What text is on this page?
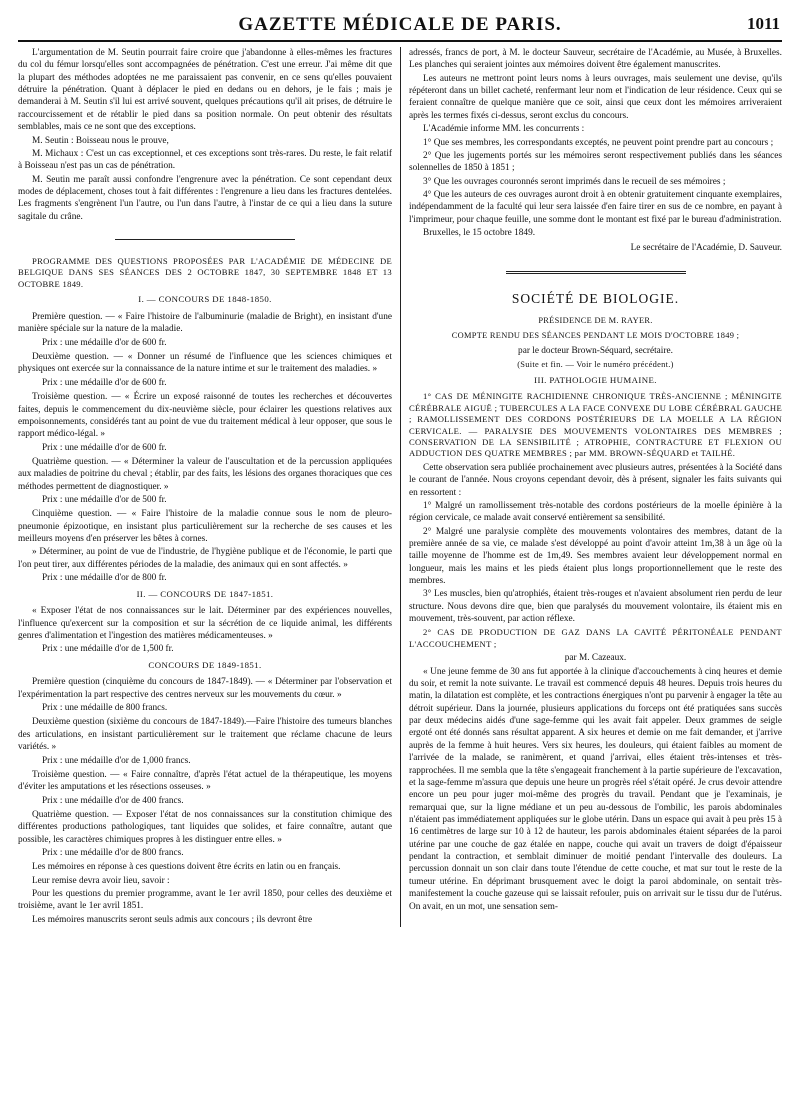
GAZETTE MÉDICALE DE PARIS.	1011

L'argumentation de M. Seutin pourrait faire croire que j'abandonne à elles-mêmes les fractures du col du fémur lorsqu'elles sont accompagnées de pénétration. C'est une erreur. J'ai même dit que la plupart des méthodes adoptées ne me paraissaient pas convenir, en ce sens qu'elles pouvaient détruire la pénétration. Quant à déplacer le pied en dedans ou en dehors, je le fais ; mais je demanderai à M. Seutin s'il lui est arrivé souvent, quelques précautions qu'il ait prises, de détruire le raccourcissement et de rétablir le pied dans sa position normale. On peut obtenir des résultats semblables, mais ce ne sont que des exceptions.

M. Seutin : Boisseau nous le prouve,

M. Michaux : C'est un cas exceptionnel, et ces exceptions sont très-rares. Du reste, le fait relatif à Boisseau n'est pas un cas de pénétration.

M. Seutin me paraît aussi confondre l'engrenure avec la pénétration. Ce sont cependant deux modes de déplacement, choses tout à fait différentes : l'engrenure a lieu dans les fractures dentelées. Les fragments s'engrènent l'un l'autre, ou l'un dans l'autre, à l'instar de ce qui a lieu dans la suture sagitale du crâne.

PROGRAMME DES QUESTIONS PROPOSÉES PAR L'ACADÉMIE DE MÉDECINE DE BELGIQUE DANS SES SÉANCES DES 2 OCTOBRE 1847, 30 SEPTEMBRE 1848 ET 13 OCTOBRE 1849.

I. — CONCOURS DE 1848-1850.

Première question. — « Faire l'histoire de l'albuminurie (maladie de Bright), en insistant d'une manière spéciale sur la nature de la maladie.

Prix : une médaille d'or de 600 fr.

Deuxième question. — « Donner un résumé de l'influence que les sciences chimiques et physiques ont exercée sur la connaissance de la nature intime et sur le traitement des maladies. »

Prix : une médaille d'or de 600 fr.

Troisième question. — « Écrire un exposé raisonné de toutes les recherches et découvertes faites, depuis le commencement du dix-neuvième siècle, pour éclairer les questions relatives aux empoisonnements, considérés tant au point de vue du traitement médical à leur opposer, que sous le rapport médico-légal. »

Prix : une médaille d'or de 600 fr.

Quatrième question. — « Déterminer la valeur de l'auscultation et de la percussion appliquées aux maladies de poitrine du cheval ; établir, par des faits, les lésions des organes thoraciques que ces méthodes permettent de diagnostiquer. »

Prix : une médaille d'or de 500 fr.

Cinquième question. — « Faire l'histoire de la maladie connue sous le nom de pleuro-pneumonie épizootique, en insistant plus particulièrement sur la recherche de ses causes et les meilleurs moyens d'en préserver les bêtes à cornes.

» Déterminer, au point de vue de l'industrie, de l'hygiène publique et de l'économie, le parti que l'on peut tirer, aux différentes périodes de la maladie, des animaux qui en sont affectés. »

Prix : une médaille d'or de 800 fr.

II. — CONCOURS DE 1847-1851.

« Exposer l'état de nos connaissances sur le lait. Déterminer par des expériences nouvelles, l'influence qu'exercent sur la composition et sur la sécrétion de ce liquide animal, les différents genres d'alimentation et l'ingestion des matières médicamenteuses. »

Prix : une médaille d'or de 1,500 fr.

CONCOURS DE 1849-1851.

Première question (cinquième du concours de 1847-1849). — « Déterminer par l'observation et l'expérimentation la part respective des centres nerveux sur les mouvements du cœur. »

Prix : une médaille de 800 francs.

Deuxième question (sixième du concours de 1847-1849).—Faire l'histoire des tumeurs blanches des articulations, en insistant particulièrement sur le traitement que réclame chacune de leurs variétés. »

Prix : une médaille d'or de 1,000 francs.

Troisième question. — « Faire connaître, d'après l'état actuel de la thérapeutique, les moyens d'éviter les amputations et les résections osseuses. »

Prix : une médaille d'or de 400 francs.

Quatrième question. — Exposer l'état de nos connaissances sur la constitution chimique des différentes productions pathologiques, tant liquides que solides, et faire connaître, autant que possible, les caractères chimiques propres à les distinguer entre elles. »

Prix : une médaille d'or de 800 francs.

Les mémoires en réponse à ces questions doivent être écrits en latin ou en français.

Leur remise devra avoir lieu, savoir :

Pour les questions du premier programme, avant le 1er avril 1850, pour celles des deuxième et troisième, avant le 1er avril 1851.

Les mémoires manuscrits seront seuls admis aux concours ; ils devront être

adressés, francs de port, à M. le docteur Sauveur, secrétaire de l'Académie, au Musée, à Bruxelles. Les planches qui seraient jointes aux mémoires doivent être également manuscrites.

Les auteurs ne mettront point leurs noms à leurs ouvrages, mais seulement une devise, qu'ils répéteront dans un billet cacheté, renfermant leur nom et l'indication de leur résidence. Ceux qui se feraient connaître de quelque manière que ce soit, ainsi que ceux dont les mémoires arriveraient après les termes fixés ci-dessus, seront exclus du concours.

L'Académie informe MM. les concurrents :

1° Que ses membres, les correspondants exceptés, ne peuvent point prendre part au concours ;

2° Que les jugements portés sur les mémoires seront respectivement publiés dans les séances solennelles de 1850 à 1851 ;

3° Que les ouvrages couronnés seront imprimés dans le recueil de ses mémoires ;

4° Que les auteurs de ces ouvrages auront droit à en obtenir gratuitement cinquante exemplaires, indépendamment de la faculté qui leur sera laissée d'en faire tirer en sus de ce nombre, en payant à l'imprimeur, pour chaque feuille, une somme dont le montant est fixé par le bureau d'administration.

Bruxelles, le 15 octobre 1849.

Le secrétaire de l'Académie, D. Sauveur.

SOCIÉTÉ DE BIOLOGIE.

PRÉSIDENCE DE M. RAYER.

COMPTE RENDU DES SÉANCES PENDANT LE MOIS D'OCTOBRE 1849 ;

par le docteur Brown-Séquard, secrétaire.

(Suite et fin. — Voir le numéro précédent.)

III. PATHOLOGIE HUMAINE.

1° CAS DE MÉNINGITE RACHIDIENNE CHRONIQUE TRÈS-ANCIENNE ; MÉNINGITE CÉRÉBRALE AIGUË ; TUBERCULES A LA FACE CONVEXE DU LOBE CÉRÉBRAL GAUCHE ; RAMOLLISSEMENT DES CORDONS POSTÉRIEURS DE LA MOELLE A LA RÉGION CERVICALE. — PARALYSIE DES MOUVEMENTS VOLONTAIRES DES MEMBRES ; CONSERVATION DE LA SENSIBILITÉ ; ATROPHIE, CONTRACTURE ET FLEXION OU ADDUCTION DES QUATRE MEMBRES ; par MM. BROWN-SÉQUARD et TAILHÉ.

Cette observation sera publiée prochainement avec plusieurs autres, présentées à la Société dans le courant de l'année. Nous croyons cependant devoir, dès à présent, signaler les faits suivants qui en ressortent :

1° Malgré un ramollissement très-notable des cordons postérieurs de la moelle épinière à la région cervicale, ce malade avait conservé entièrement sa sensibilité.

2° Malgré une paralysie complète des mouvements volontaires des membres, datant de la première année de sa vie, ce malade s'est développé au point d'avoir atteint 1m,38 à un âge où la taille moyenne de l'homme est de 1m,49. Ses membres avaient leur développement normal en longueur, mais les mains et les pieds étaient plus longs proportionnellement que le reste des membres.

3° Les muscles, bien qu'atrophiés, étaient très-rouges et n'avaient absolument rien perdu de leur structure. Nous devons dire que, bien que paralysés du mouvement volontaire, ils étaient mis en mouvement, très-souvent, par action réflexe.

2° CAS DE PRODUCTION DE GAZ DANS LA CAVITÉ PÉRITONÉALE PENDANT L'ACCOUCHEMENT ;

par M. Cazeaux.

« Une jeune femme de 30 ans fut apportée à la clinique d'accouchements à cinq heures et demie du soir, et remit la note suivante. Le travail est commencé depuis 48 heures. Depuis trois heures du matin, la dilatation est complète, et les contractions énergiques n'ont pu parvenir à engager la tête au détroit supérieur. Dans la journée, plusieurs applications du forceps ont été pratiquées sans succès par deux médecins aidés d'une sage-femme qui les avait fait appeler. Deux grammes de seigle ergoté ont été donnés sans résultat apparent. A six heures et demie on me fait demander, et j'arrive auprès de la femme à huit heures. Vers six heures, les douleurs, qui étaient faibles au moment de l'arrivée de la malade, se ranimèrent, et quand j'arrivai, elles étaient très-intenses et très-rapprochées. Il me sembla que la tête s'engageait franchement à la partie supérieure de l'excavation, et la sage-femme m'assura que depuis une heure un progrès réel s'était opéré. Je crus devoir attendre encore un peu pour juger moi-même des progrès du travail. Pendant que je l'examinais, je remarquai que, sur la ligne médiane et un peu au-dessous de l'ombilic, les parois abdominales n'étaient pas immédiatement appliquées sur le globe utérin. Dans un espace qui avait à peu près 15 à 16 centimètres de large sur 10 à 12 de hauteur, les parois abdominales étaient séparées de la paroi utérine par une couche de gaz étalée en nappe, couche qui avait un travers de doigt d'épaisseur pendant la contraction, et semblait diminuer de moitié pendant l'intervalle des douleurs. La percussion donnait un son clair dans toute l'étendue de cette couche, et mat sur tout le reste de la tumeur utérine. En déprimant brusquement avec le doigt la paroi abdominale, on sentait très-manifestement la couche gazeuse qui se laissait refouler, puis on arrivait sur le tissu dur de l'utérus. On avait, en un mot, une sensation sem-
